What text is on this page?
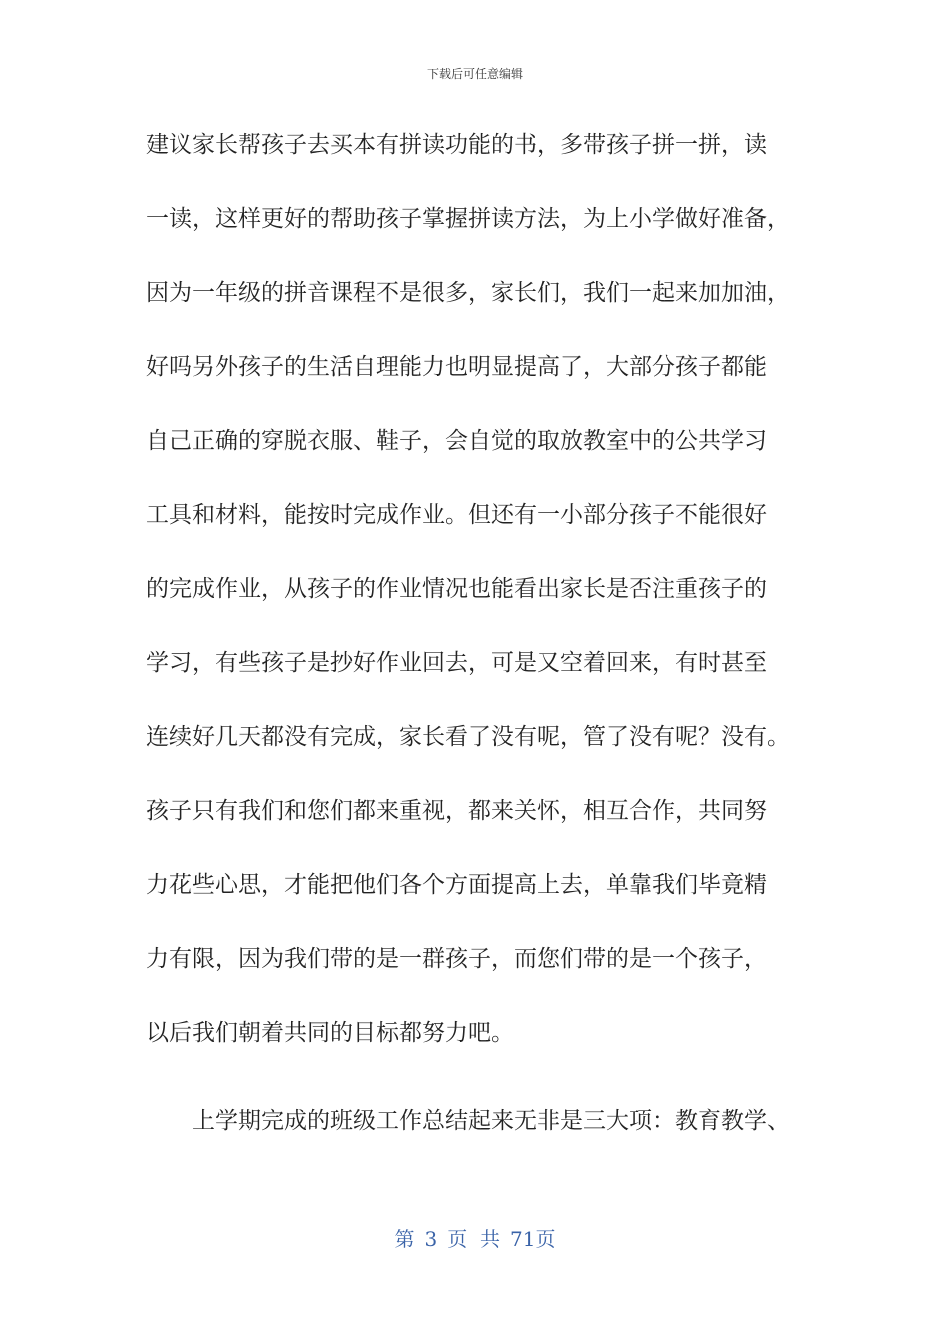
下载后可任意编辑
建议家长帮孩子去买本有拼读功能的书，多带孩子拼一拼，读
一读，这样更好的帮助孩子掌握拼读方法，为上小学做好准备，
因为一年级的拼音课程不是很多，家长们，我们一起来加加油，
好吗另外孩子的生活自理能力也明显提高了，大部分孩子都能
自己正确的穿脱衣服、鞋子，会自觉的取放教室中的公共学习
工具和材料，能按时完成作业。但还有一小部分孩子不能很好
的完成作业，从孩子的作业情况也能看出家长是否注重孩子的
学习，有些孩子是抄好作业回去，可是又空着回来，有时甚至
连续好几天都没有完成，家长看了没有呢，管了没有呢？没有。
孩子只有我们和您们都来重视，都来关怀，相互合作，共同努
力花些心思，才能把他们各个方面提高上去，单靠我们毕竟精
力有限，因为我们带的是一群孩子，而您们带的是一个孩子，
以后我们朝着共同的目标都努力吧。
上学期完成的班级工作总结起来无非是三大项：教育教学、
第 3 页  共 71页
